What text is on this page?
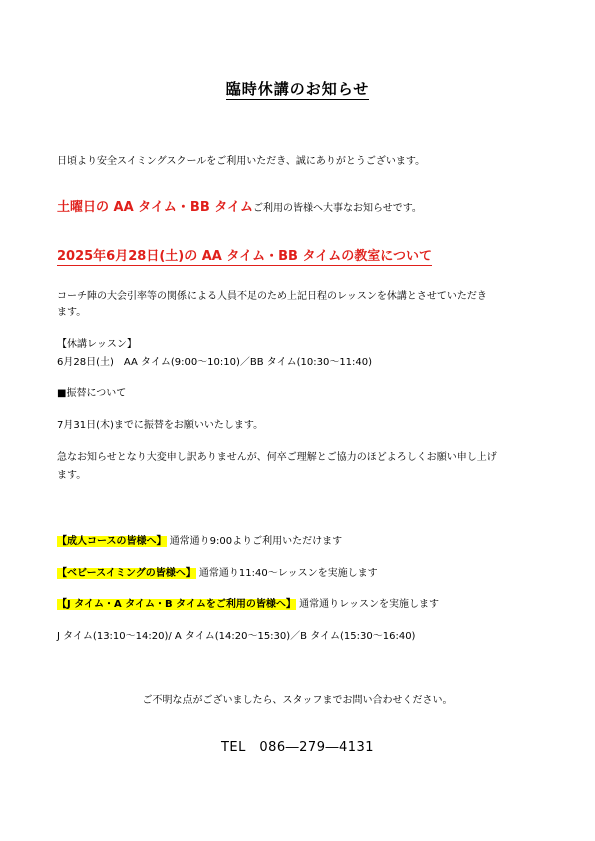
臨時休講のお知らせ
日頃より安全スイミングスクールをご利用いただき、誠にありがとうございます。
土曜日の AA タイム・BB タイムご利用の皆様へ大事なお知らせです。
2025年6月28日(土)の AA タイム・BB タイムの教室について
コーチ陣の大会引率等の関係による人員不足のため上記日程のレッスンを休講とさせていただき
ます。
【休講レッスン】
6月28日(土)　AA タイム(9:00～10:10)／BB タイム(10:30～11:40)
■振替について
7月31日(木)までに振替をお願いいたします。
急なお知らせとなり大変申し訳ありませんが、何卒ご理解とご協力のほどよろしくお願い申し上げ
ます。
【成人コースの皆様へ】 通常通り9:00よりご利用いただけます
【ベビースイミングの皆様へ】 通常通り11:40～レッスンを実施します
【J タイム・A タイム・B タイムをご利用の皆様へ】 通常通りレッスンを実施します
J タイム(13:10～14:20)/ A タイム(14:20～15:30)／B タイム(15:30～16:40)
ご不明な点がございましたら、スタッフまでお問い合わせください。
TEL　086―279―4131
